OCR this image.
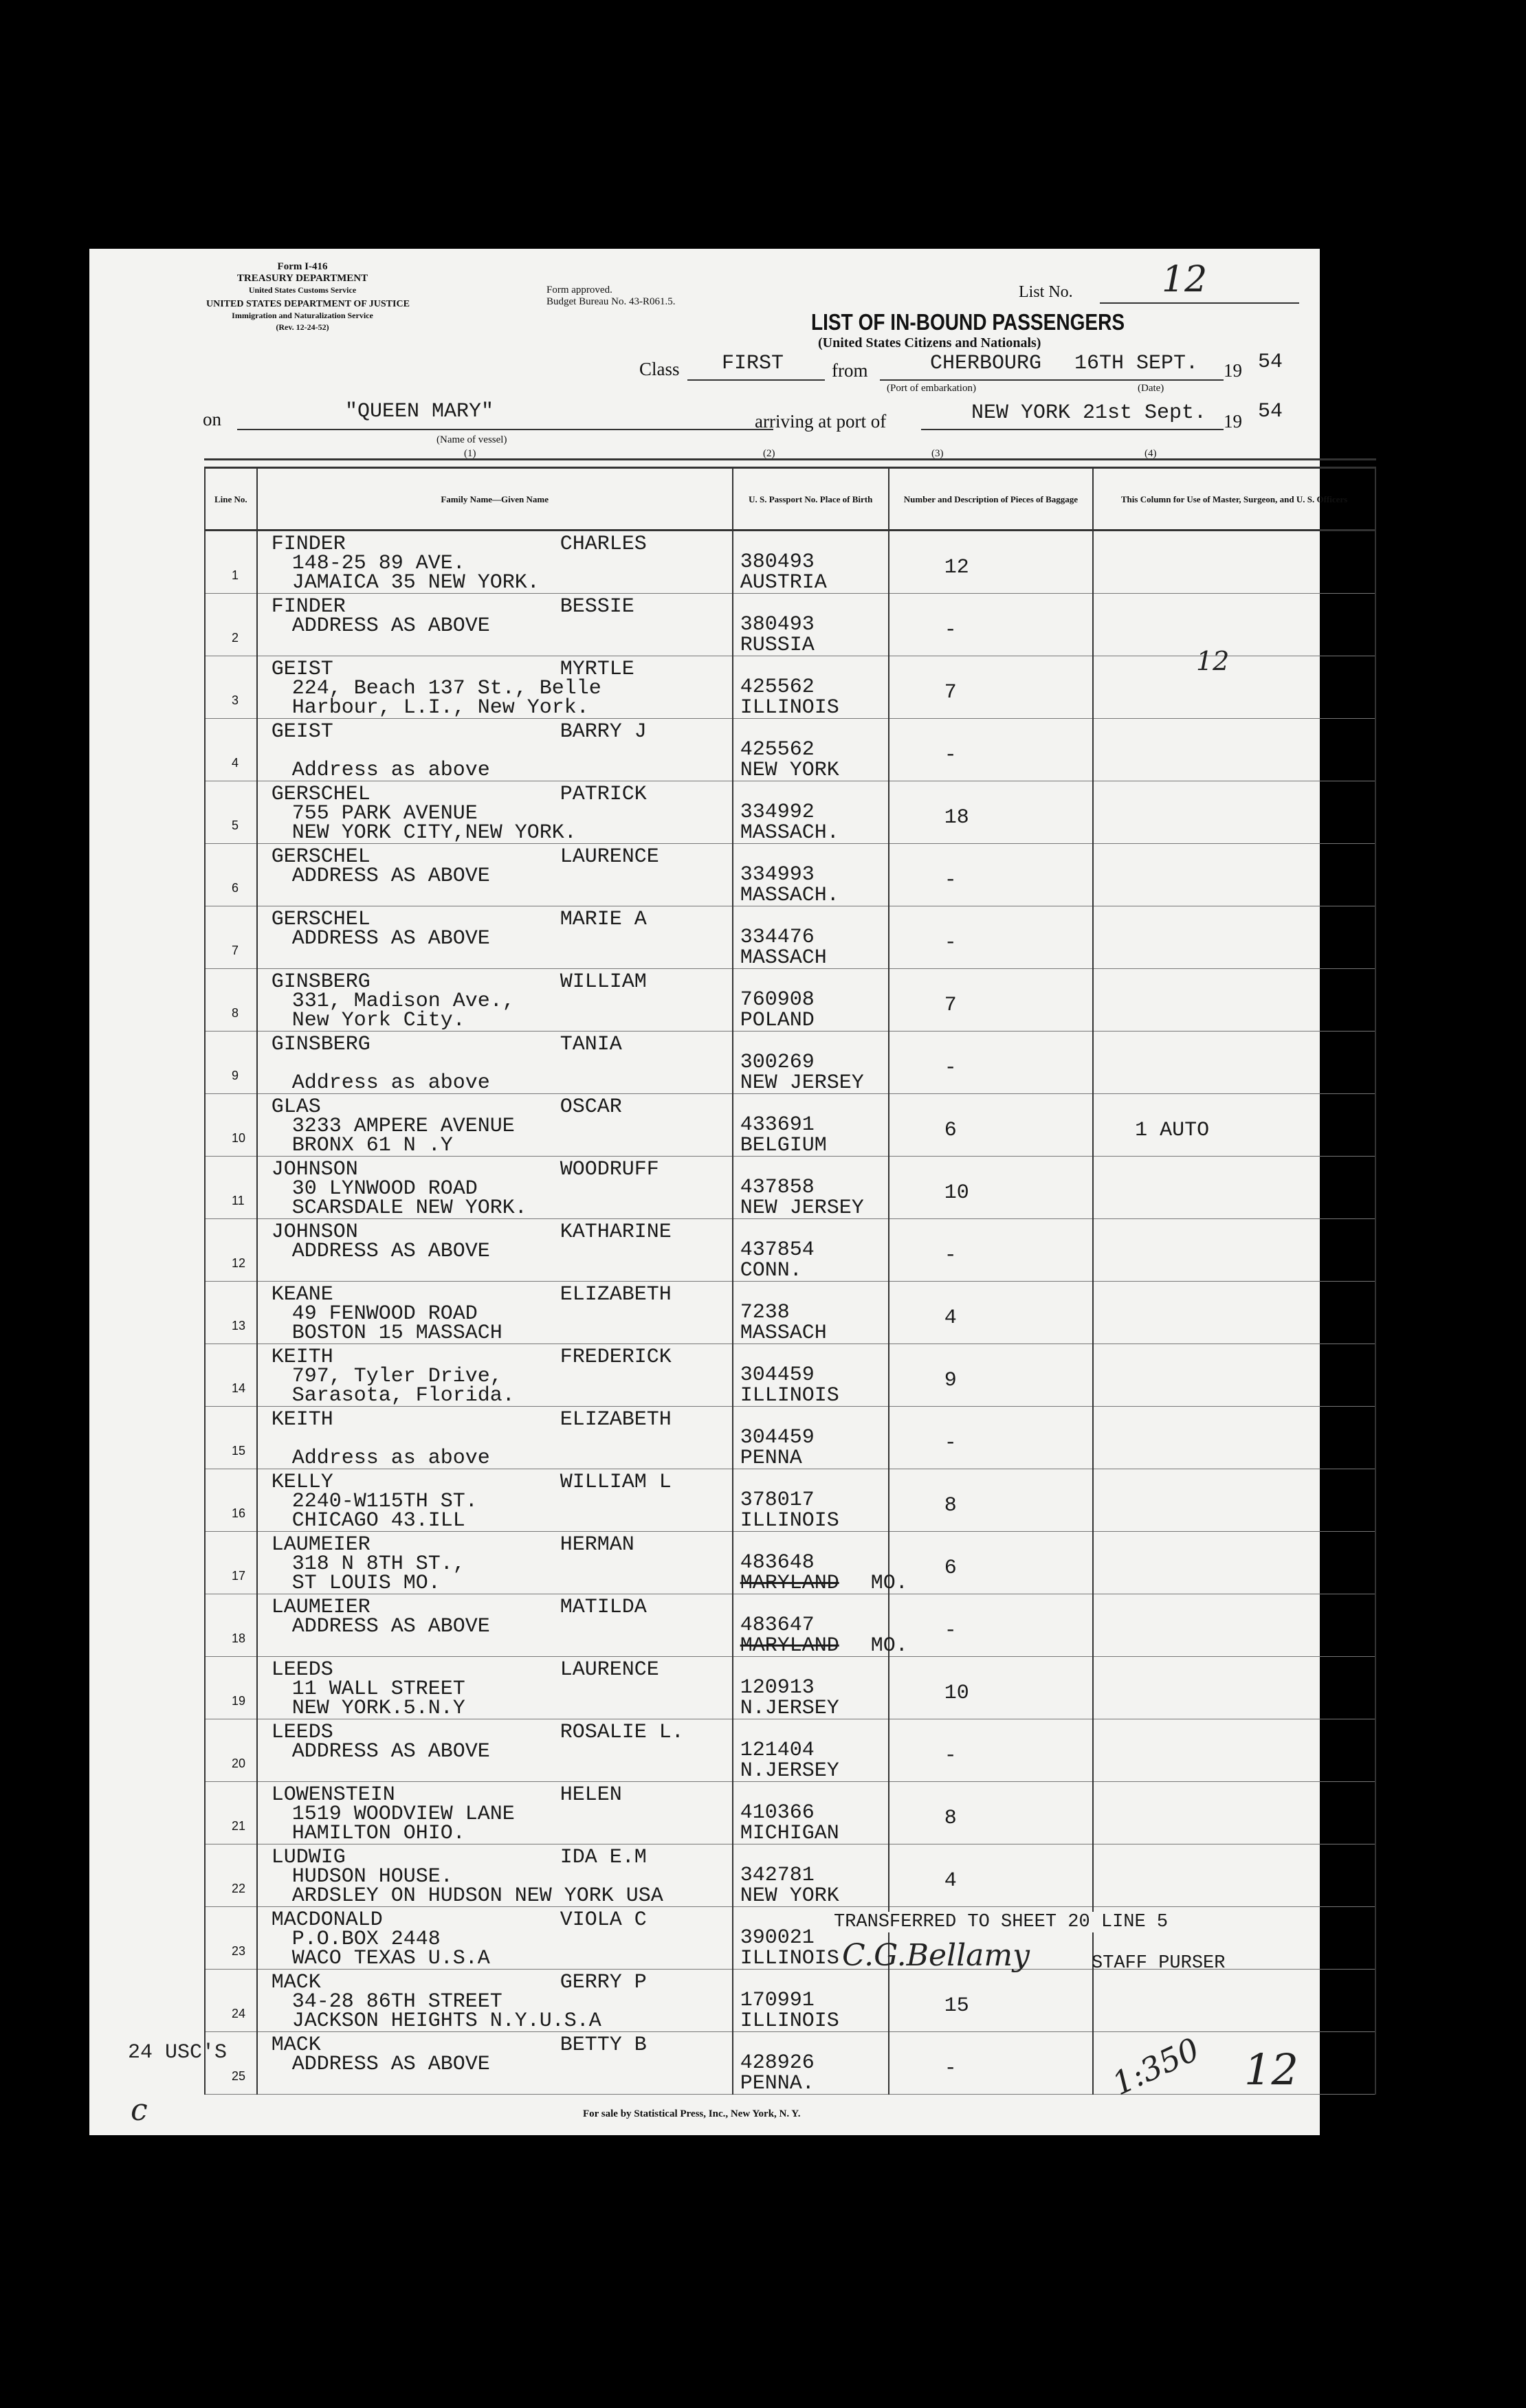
Form I-416
TREASURY DEPARTMENT
United States Customs Service
UNITED STATES DEPARTMENT OF JUSTICE
Immigration and Naturalization Service
(Rev. 12-24-52)
Form approved.
Budget Bureau No. 43-R061.5.
List No. 12
LIST OF IN-BOUND PASSENGERS
(United States Citizens and Nationals)
Class FIRST	from	CHERBOURG 16TH SEPT. 19 54
(Port of embarkation)	(Date)
on	"QUEEN MARY"
(Name of vessel)
arriving at port of	NEW YORK 21st Sept. 19 54
(1)	(2)	(3)	(4)
Line No.	Family Name—Given Name	U. S. Passport No. Place of Birth	Number and Description of Pieces of Baggage	This Column for Use of Master, Surgeon, and U. S. Officers

1	FINDER CHARLES
148-25 89 AVE.
JAMAICA 35 NEW YORK.	380493
AUSTRIA	12	

2	FINDER BESSIE
ADDRESS AS ABOVE	380493
RUSSIA	-	

3	GEIST MYRTLE
224, Beach 137 St., Belle
Harbour, L.I., New York.	425562
ILLINOIS	7	

4	GEIST BARRY J
Address as above	425562
NEW YORK	-	

5	GERSCHEL PATRICK
755 PARK AVENUE
NEW YORK CITY,NEW YORK.	334992
MASSACH.	18	

6	GERSCHEL LAURENCE
ADDRESS AS ABOVE	334993
MASSACH.	-	

7	GERSCHEL MARIE A
ADDRESS AS ABOVE	334476
MASSACH	-	

8	GINSBERG WILLIAM
331, Madison Ave.,
New York City.	760908
POLAND	7	

9	GINSBERG TANIA
Address as above	300269
NEW JERSEY	-	

10	GLAS OSCAR
3233 AMPERE AVENUE
BRONX 61 N .Y	433691
BELGIUM	6	1 AUTO

11	JOHNSON WOODRUFF
30 LYNWOOD ROAD
SCARSDALE NEW YORK.	437858
NEW JERSEY	10	

12	JOHNSON KATHARINE
ADDRESS AS ABOVE	437854
CONN.	-	

13	KEANE ELIZABETH
49 FENWOOD ROAD
BOSTON 15 MASSACH	7238
MASSACH	4	

14	KEITH FREDERICK
797, Tyler Drive,
Sarasota, Florida.	304459
ILLINOIS	9	

15	KEITH ELIZABETH
Address as above	304459
PENNA	-	

16	KELLY WILLIAM L
2240-W115TH ST.
CHICAGO 43.ILL	378017
ILLINOIS	8	

17	LAUMEIER HERMAN
318 N 8TH ST.,
ST LOUIS MO.	483648
MARYLAND MO.	6	

18	LAUMEIER MATILDA
ADDRESS AS ABOVE	483647
MARYLAND MO.	-	

19	LEEDS LAURENCE
11 WALL STREET
NEW YORK.5.N.Y	120913
N.JERSEY	10	

20	LEEDS ROSALIE L.
ADDRESS AS ABOVE	121404
N.JERSEY	-	

21	LOWENSTEIN HELEN
1519 WOODVIEW LANE
HAMILTON OHIO.	410366
MICHIGAN	8	

22	LUDWIG IDA E.M
HUDSON HOUSE.
ARDSLEY ON HUDSON NEW YORK USA	342781
NEW YORK	4	

23	MACDONALD VIOLA C
P.O.BOX 2448
WACO TEXAS U.S.A	390021
ILLINOIS		

24	MACK GERRY P
34-28 86TH STREET
JACKSON HEIGHTS N.Y.U.S.A	170991
ILLINOIS	15	

25	MACK BETTY B
ADDRESS AS ABOVE	428926
PENNA.	-	

12
TRANSFERRED TO SHEET 20 LINE 5
C.G.Bellamy	STAFF PURSER
24 USC'S
c
1:350 12
For sale by Statistical Press, Inc., New York, N. Y.
